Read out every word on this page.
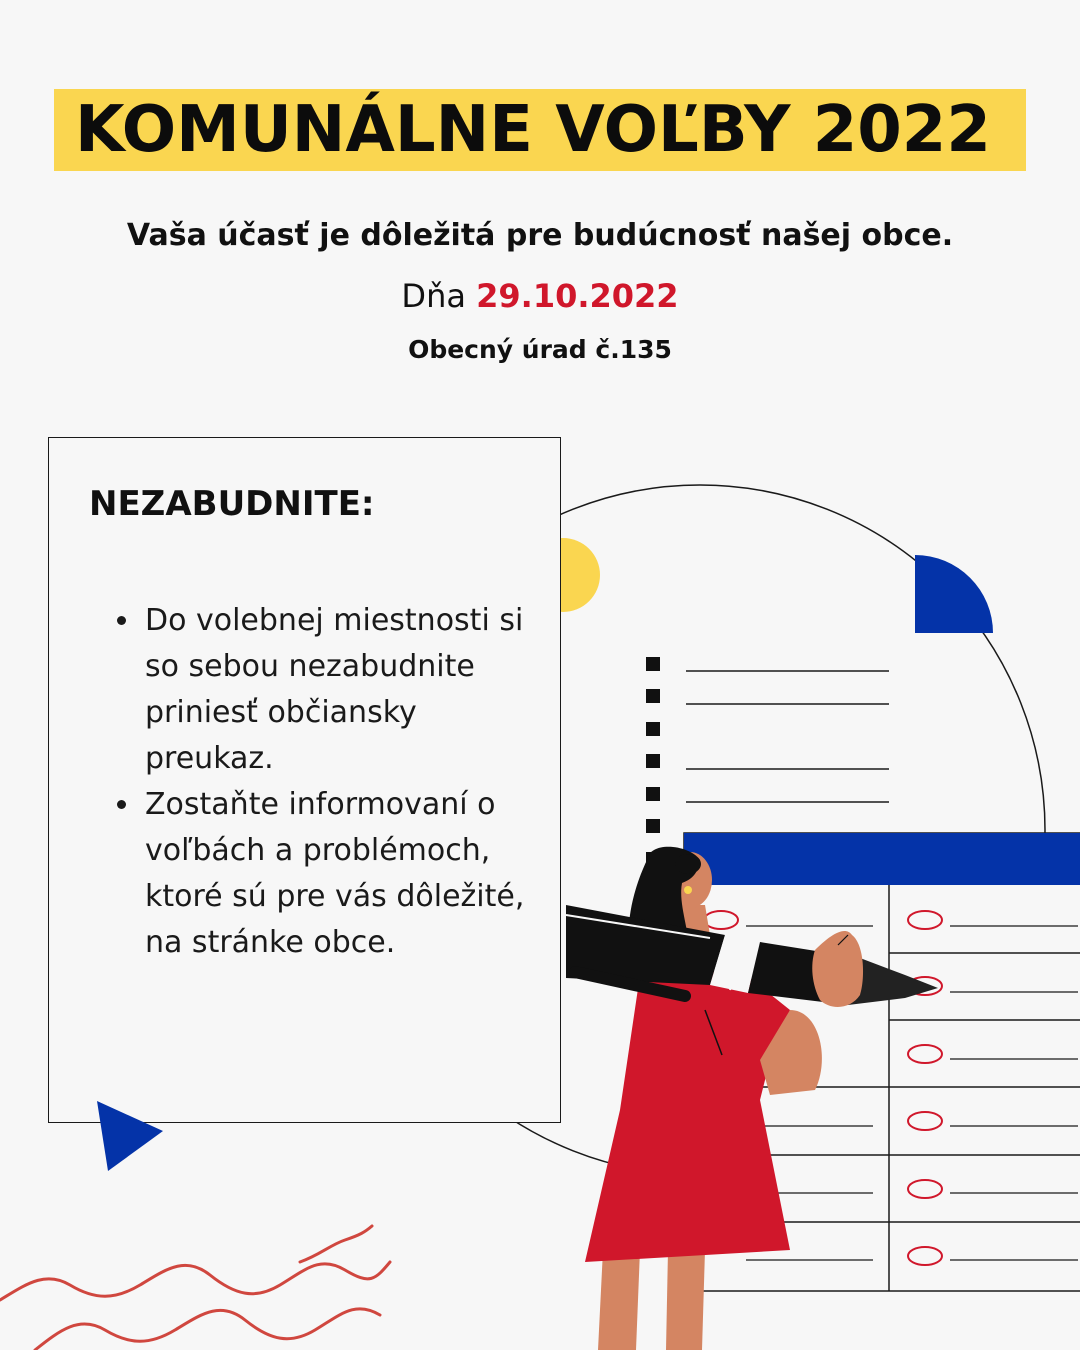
KOMUNÁLNE VOĽBY 2022
Vaša účasť je dôležitá pre budúcnosť našej obce.
Dňa 29.10.2022
Obecný úrad č.135
NEZABUDNITE:
Do volebnej miestnosti si so sebou nezabudnite priniesť občiansky preukaz.
Zostaňte informovaní o voľbách a problémoch, ktoré sú pre vás dôležité, na stránke obce.
